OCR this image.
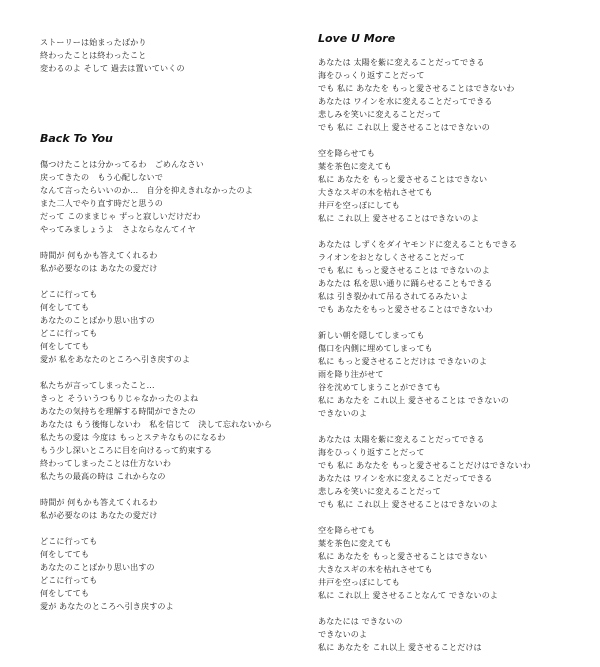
ストーリーは始まったばかり
終わったことは終わったこと
変わるのよ そして 過去は置いていくの
Back To You
傷つけたことは分かってるわ　ごめんなさい
戻ってきたの　もう心配しないで
なんて言ったらいいのか…　自分を抑えきれなかったのよ
また二人でやり直す時だと思うの
だって このままじゃ ずっと寂しいだけだわ
やってみましょうよ　さよならなんてイヤ
時間が 何もかも答えてくれるわ
私が必要なのは あなたの愛だけ
どこに行っても
何をしてても
あなたのことばかり思い出すの
どこに行っても
何をしてても
愛が 私をあなたのところへ引き戻すのよ
私たちが言ってしまったこと…
きっと そういうつもりじゃなかったのよね
あなたの気持ちを理解する時間ができたの
あなたは もう後悔しないわ　私を信じて　決して忘れないから
私たちの愛は 今度は もっとステキなものになるわ
もう少し深いところに目を向けるって約束する
終わってしまったことは仕方ないわ
私たちの最高の時は これからなの
時間が 何もかも答えてくれるわ
私が必要なのは あなたの愛だけ
どこに行っても
何をしてても
あなたのことばかり思い出すの
どこに行っても
何をしてても
愛が あなたのところへ引き戻すのよ
Love U More
あなたは 太陽を紫に変えることだってできる
海をひっくり返すことだって
でも 私に あなたを もっと愛させることはできないわ
あなたは ワインを水に変えることだってできる
悲しみを笑いに変えることだって
でも 私に これ以上 愛させることはできないの
空を降らせても
葉を茶色に変えても
私に あなたを もっと愛させることはできない
大きなスギの木を枯れさせても
井戸を空っぽにしても
私に これ以上 愛させることはできないのよ
あなたは しずくをダイヤモンドに変えることもできる
ライオンをおとなしくさせることだって
でも 私に もっと愛させることは できないのよ
あなたは 私を思い通りに踊らせることもできる
私は 引き裂かれて吊るされてるみたいよ
でも あなたをもっと愛させることはできないわ
新しい朝を隠してしまっても
傷口を内側に埋めてしまっても
私に もっと愛させることだけは できないのよ
雨を降り注がせて
谷を沈めてしまうことができても
私に あなたを これ以上 愛させることは できないの
できないのよ
あなたは 太陽を紫に変えることだってできる
海をひっくり返すことだって
でも 私に あなたを もっと愛させることだけはできないわ
あなたは ワインを水に変えることだってできる
悲しみを笑いに変えることだって
でも 私に これ以上 愛させることはできないのよ
空を降らせても
葉を茶色に変えても
私に あなたを もっと愛させることはできない
大きなスギの木を枯れさせても
井戸を空っぽにしても
私に これ以上 愛させることなんて できないのよ
あなたには できないの
できないのよ
私に あなたを これ以上 愛させることだけは
